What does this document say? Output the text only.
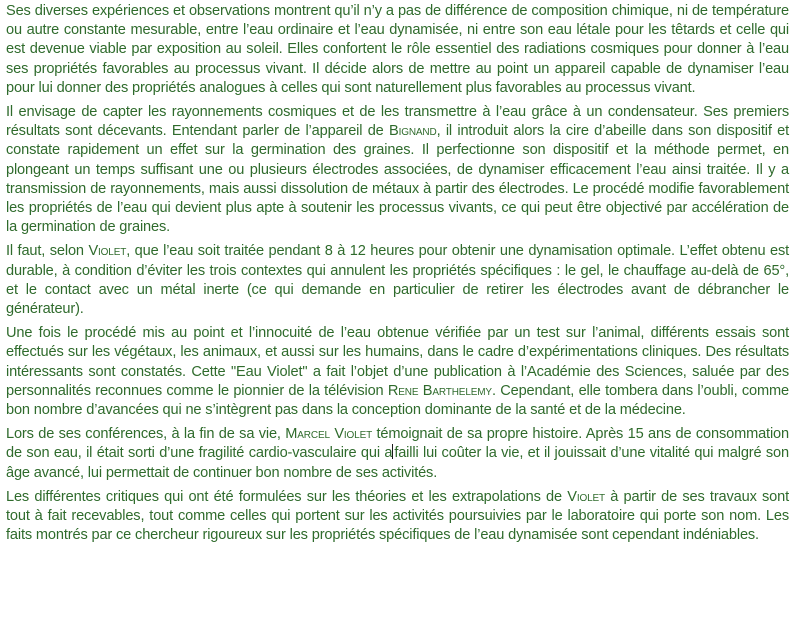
Ses diverses expériences et observations montrent qu’il n’y a pas de différence de composition chimique, ni de température ou autre constante mesurable, entre l’eau ordinaire et l’eau dynamisée, ni entre son eau létale pour les têtards et celle qui est devenue viable par exposition au soleil. Elles confortent le rôle essentiel des radiations cosmiques pour donner à l’eau ses propriétés favorables au processus vivant. Il décide alors de mettre au point un appareil capable de dynamiser l’eau pour lui donner des propriétés analogues à celles qui sont naturellement plus favorables au processus vivant.

Il envisage de capter les rayonnements cosmiques et de les transmettre à l’eau grâce à un condensateur. Ses premiers résultats sont décevants. Entendant parler de l’appareil de Bignand, il introduit alors la cire d’abeille dans son dispositif et constate rapidement un effet sur la germination des graines. Il perfectionne son dispositif et la méthode permet, en plongeant un temps suffisant une ou plusieurs électrodes associées, de dynamiser efficacement l’eau ainsi traitée. Il y a transmission de rayonnements, mais aussi dissolution de métaux à partir des électrodes. Le procédé modifie favorablement les propriétés de l’eau qui devient plus apte à soutenir les processus vivants, ce qui peut être objectivé par accélération de la germination de graines.

Il faut, selon Violet, que l’eau soit traitée pendant 8 à 12 heures pour obtenir une dynamisation optimale. L’effet obtenu est durable, à condition d’éviter les trois contextes qui annulent les propriétés spécifiques : le gel, le chauffage au-delà de 65°, et le contact avec un métal inerte (ce qui demande en particulier de retirer les électrodes avant de débrancher le générateur).

Une fois le procédé mis au point et l’innocuité de l’eau obtenue vérifiée par un test sur l’animal, différents essais sont effectués sur les végétaux, les animaux, et aussi sur les humains, dans le cadre d’expérimentations cliniques. Des résultats intéressants sont constatés. Cette "Eau Violet" a fait l’objet d’une publication à l’Académie des Sciences, saluée par des personnalités reconnues comme le pionnier de la télévision Rene Barthelemy. Cependant, elle tombera dans l’oubli, comme bon nombre d’avancées qui ne s’intègrent pas dans la conception dominante de la santé et de la médecine.

Lors de ses conférences, à la fin de sa vie, Marcel Violet témoignait de sa propre histoire. Après 15 ans de consommation de son eau, il était sorti d’une fragilité cardio-vasculaire qui a failli lui coûter la vie, et il jouissait d’une vitalité qui malgré son âge avancé, lui permettait de continuer bon nombre de ses activités.

Les différentes critiques qui ont été formulées sur les théories et les extrapolations de Violet à partir de ses travaux sont tout à fait recevables, tout comme celles qui portent sur les activités poursuivies par le laboratoire qui porte son nom. Les faits montrés par ce chercheur rigoureux sur les propriétés spécifiques de l’eau dynamisée sont cependant indéniables.
